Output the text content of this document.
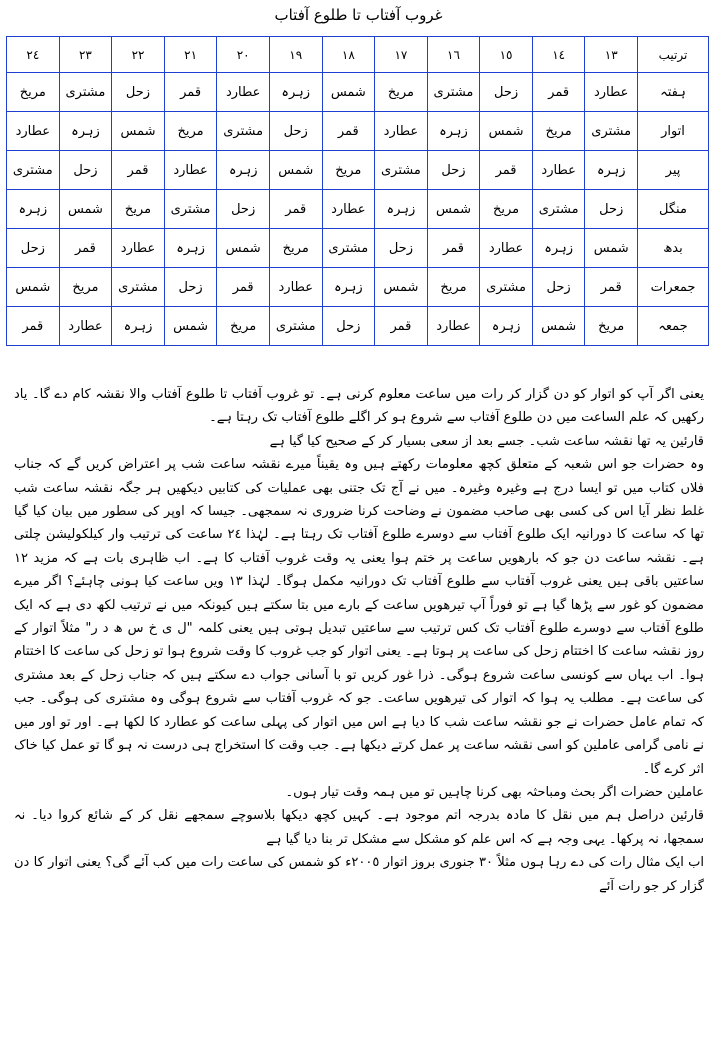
غروب آفتاب تا طلوع آفتاب
ترتیب	١٣	١٤	١٥	١٦	١٧	١٨	١٩	٢٠	٢١	٢٢	٢٣	٢٤
ہفتہ	عطارد	قمر	زحل	مشتری	مریخ	شمس	زہرہ	عطارد	قمر	زحل	مشتری	مریخ
اتوار	مشتری	مریخ	شمس	زہرہ	عطارد	قمر	زحل	مشتری	مریخ	شمس	زہرہ	عطارد
پیر	زہرہ	عطارد	قمر	زحل	مشتری	مریخ	شمس	زہرہ	عطارد	قمر	زحل	مشتری
منگل	زحل	مشتری	مریخ	شمس	زہرہ	عطارد	قمر	زحل	مشتری	مریخ	شمس	زہرہ
بدھ	شمس	زہرہ	عطارد	قمر	زحل	مشتری	مریخ	شمس	زہرہ	عطارد	قمر	زحل
جمعرات	قمر	زحل	مشتری	مریخ	شمس	زہرہ	عطارد	قمر	زحل	مشتری	مریخ	شمس
جمعہ	مریخ	شمس	زہرہ	عطارد	قمر	زحل	مشتری	مریخ	شمس	زہرہ	عطارد	قمر

یعنی اگر آپ کو اتوار کو دن گزار کر رات میں ساعت معلوم کرنی ہے۔ تو غروب آفتاب تا طلوع آفتاب والا نقشہ کام دے گا۔ یاد رکھیں کہ علم الساعت میں دن طلوع آفتاب سے شروع ہو کر اگلے طلوع آفتاب تک رہتا ہے۔

قارئین یہ تھا نقشہ ساعت شب۔ جسے بعد از سعی بسیار کر کے صحیح کیا گیا ہے

وہ حضرات جو اس شعبہ کے متعلق کچھ معلومات رکھتے ہیں وہ یقیناً میرے نقشہ ساعت شب پر اعتراض کریں گے کہ جناب فلاں کتاب میں تو ایسا درج ہے وغیرہ وغیرہ۔ میں نے آج تک جتنی بھی عملیات کی کتابیں دیکھیں ہر جگہ نقشہ ساعت شب غلط نظر آیا اس کی کسی بھی صاحب مضمون نے وضاحت کرنا ضروری نہ سمجھی۔ جیسا کہ اوپر کی سطور میں بیان کیا گیا تھا کہ ساعت کا دورانیہ ایک طلوع آفتاب سے دوسرے طلوع آفتاب تک رہتا ہے۔ لہٰذا ٢٤ ساعت کی ترتیب وار کیلکولیشن چلتی ہے۔ نقشہ ساعت دن جو کہ بارھویں ساعت پر ختم ہوا یعنی یہ وقت غروب آفتاب کا ہے۔ اب ظاہری بات ہے کہ مزید ١٢ ساعتیں باقی ہیں یعنی غروب آفتاب سے طلوع آفتاب تک دورانیہ مکمل ہوگا۔ لہٰذا ١٣ ویں ساعت کیا ہونی چاہئے؟ اگر میرے مضمون کو غور سے پڑھا گیا ہے تو فوراً آپ تیرھویں ساعت کے بارے میں بتا سکتے ہیں کیونکہ میں نے ترتیب لکھ دی ہے کہ ایک طلوع آفتاب سے دوسرے طلوع آفتاب تک کس ترتیب سے ساعتیں تبدیل ہوتی ہیں یعنی کلمہ "ل ی خ س ھ د ر" مثلاً اتوار کے روز نقشہ ساعت کا اختتام زحل کی ساعت پر ہوتا ہے۔ یعنی اتوار کو جب غروب کا وقت شروع ہوا تو زحل کی ساعت کا اختتام ہوا۔ اب یہاں سے کونسی ساعت شروع ہوگی۔ ذرا غور کریں تو با آسانی جواب دے سکتے ہیں کہ جناب زحل کے بعد مشتری کی ساعت ہے۔ مطلب یہ ہوا کہ اتوار کی تیرھویں ساعت۔ جو کہ غروب آفتاب سے شروع ہوگی وہ مشتری کی ہوگی۔ جب کہ تمام عامل حضرات نے جو نقشہ ساعت شب کا دیا ہے اس میں اتوار کی پہلی ساعت کو عطارد کا لکھا ہے۔ اور تو اور میں نے نامی گرامی عاملین کو اسی نقشہ ساعت پر عمل کرتے دیکھا ہے۔ جب وقت کا استخراج ہی درست نہ ہو گا تو عمل کیا خاک اثر کرے گا۔

عاملین حضرات اگر بحث ومباحثہ بھی کرنا چاہیں تو میں ہمہ وقت تیار ہوں۔

قارئین دراصل ہم میں نقل کا مادہ بدرجہ اتم موجود ہے۔ کہیں کچھ دیکھا بلاسوچے سمجھے نقل کر کے شائع کروا دیا۔ نہ سمجھا، نہ پرکھا۔ یہی وجہ ہے کہ اس علم کو مشکل سے مشکل تر بنا دیا گیا ہے

اب ایک مثال رات کی دے رہا ہوں مثلاً ٣٠ جنوری بروز اتوار ٢٠٠٥ء کو شمس کی ساعت رات میں کب آئے گی؟ یعنی اتوار کا دن گزار کر جو رات آئے
